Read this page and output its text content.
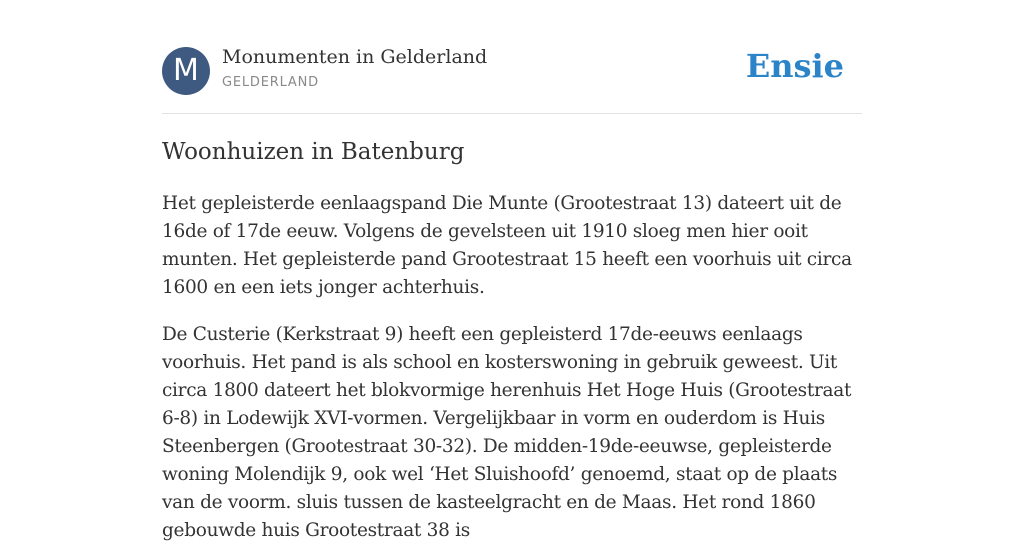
M	Monumenten in Gelderland
GELDERLAND	Ensie
Woonhuizen in Batenburg

Het gepleisterde eenlaagspand Die Munte (Grootestraat 13) dateert uit de 16de of 17de eeuw. Volgens de gevelsteen uit 1910 sloeg men hier ooit munten. Het gepleisterde pand Grootestraat 15 heeft een voorhuis uit circa 1600 en een iets jonger achterhuis.

De Custerie (Kerkstraat 9) heeft een gepleisterd 17de-eeuws eenlaags voorhuis. Het pand is als school en kosterswoning in gebruik geweest. Uit circa 1800 dateert het blokvormige herenhuis Het Hoge Huis (Grootestraat 6-8) in Lodewijk XVI-vormen. Vergelijkbaar in vorm en ouderdom is Huis Steenbergen (Grootestraat 30-32). De midden-19de-eeuwse, gepleisterde woning Molendijk 9, ook wel ‘Het Sluishoofd’ genoemd, staat op de plaats van de voorm. sluis tussen de kasteelgracht en de Maas. Het rond 1860 gebouwde huis Grootestraat 38 is
